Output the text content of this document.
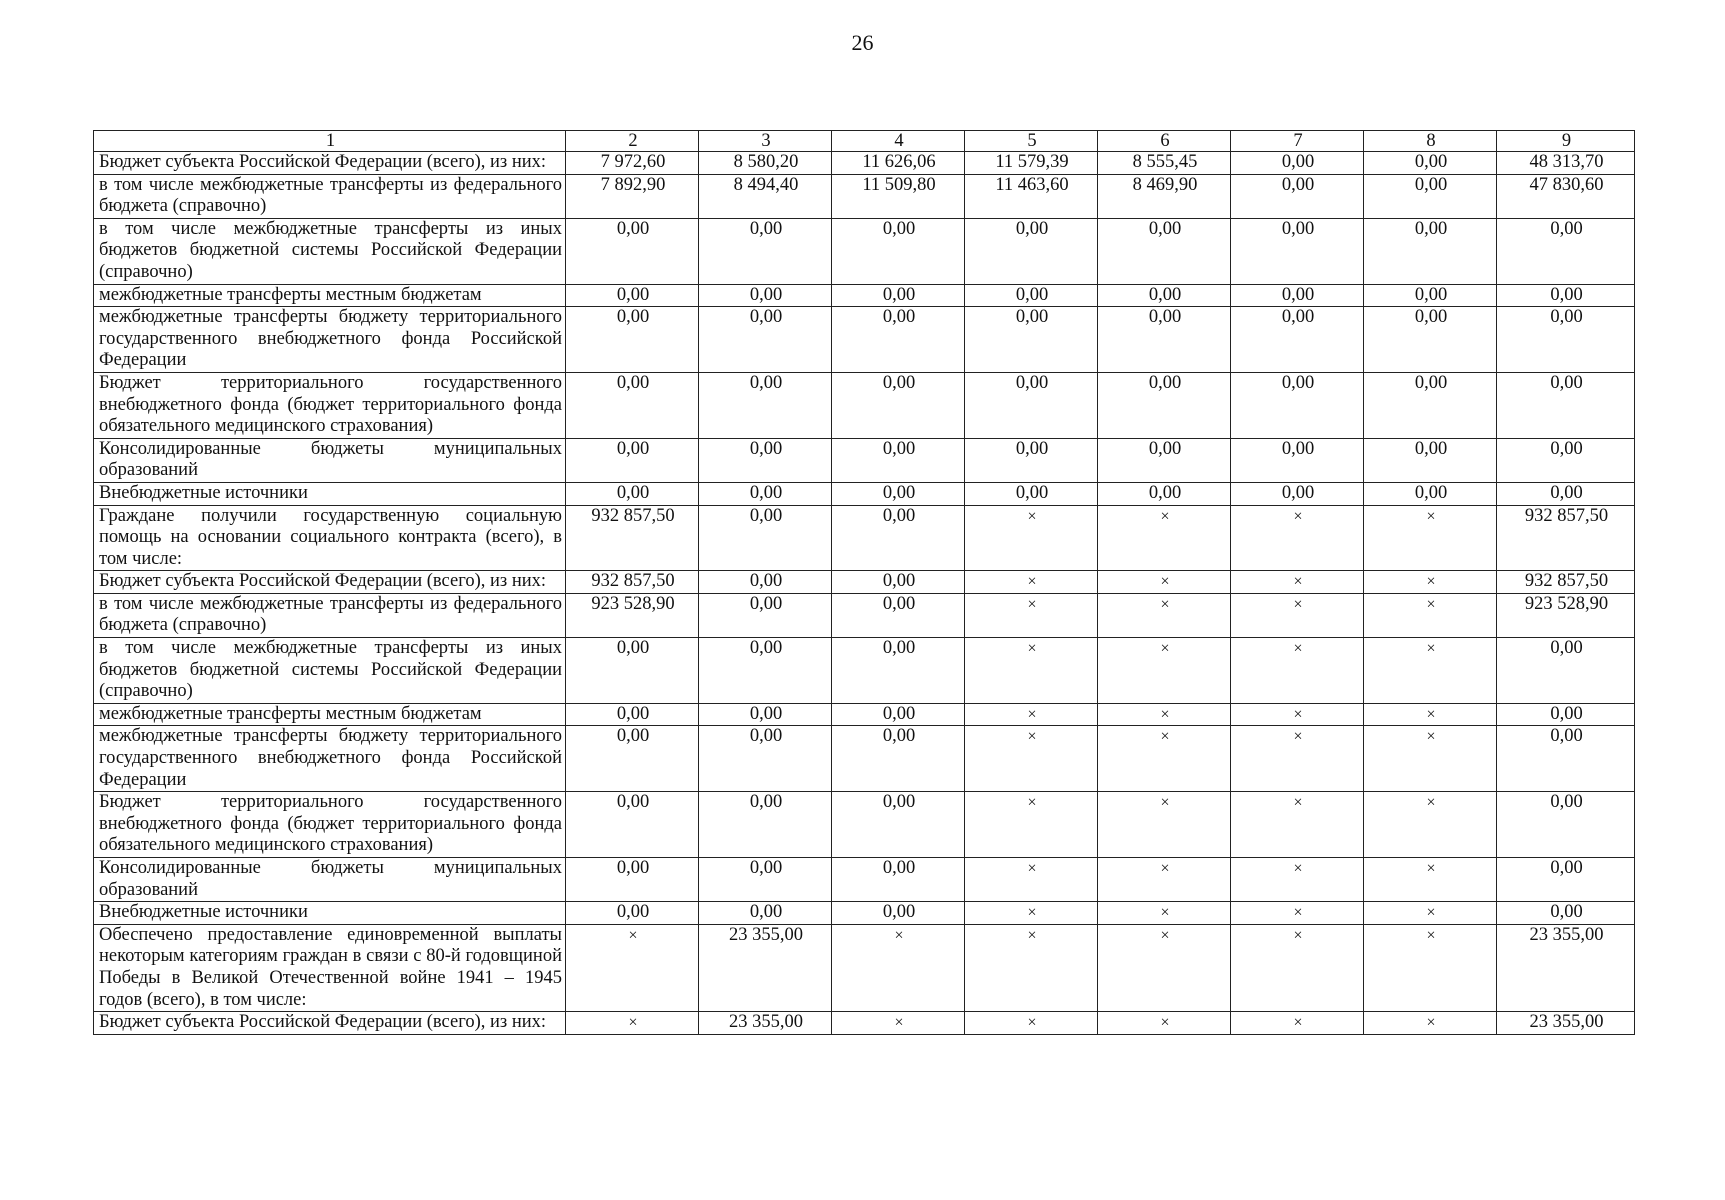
26
1	2	3	4	5	6	7	8	9
Бюджет субъекта Российской Федерации (всего), из них:	7 972,60	8 580,20	11 626,06	11 579,39	8 555,45	0,00	0,00	48 313,70
в том числе межбюджетные трансферты из федерального бюджета (справочно)	7 892,90	8 494,40	11 509,80	11 463,60	8 469,90	0,00	0,00	47 830,60
в том числе межбюджетные трансферты из иных бюджетов бюджетной системы Российской Федерации (справочно)	0,00	0,00	0,00	0,00	0,00	0,00	0,00	0,00
межбюджетные трансферты местным бюджетам	0,00	0,00	0,00	0,00	0,00	0,00	0,00	0,00
межбюджетные трансферты бюджету территориального государственного внебюджетного фонда Российской Федерации	0,00	0,00	0,00	0,00	0,00	0,00	0,00	0,00
Бюджет территориального государственного внебюджетного фонда (бюджет территориального фонда обязательного медицинского страхования)	0,00	0,00	0,00	0,00	0,00	0,00	0,00	0,00
Консолидированные бюджеты муниципальных образований	0,00	0,00	0,00	0,00	0,00	0,00	0,00	0,00
Внебюджетные источники	0,00	0,00	0,00	0,00	0,00	0,00	0,00	0,00
Граждане получили государственную социальную помощь на основании социального контракта (всего), в том числе:	932 857,50	0,00	0,00	×	×	×	×	932 857,50
Бюджет субъекта Российской Федерации (всего), из них:	932 857,50	0,00	0,00	×	×	×	×	932 857,50
в том числе межбюджетные трансферты из федерального бюджета (справочно)	923 528,90	0,00	0,00	×	×	×	×	923 528,90
в том числе межбюджетные трансферты из иных бюджетов бюджетной системы Российской Федерации (справочно)	0,00	0,00	0,00	×	×	×	×	0,00
межбюджетные трансферты местным бюджетам	0,00	0,00	0,00	×	×	×	×	0,00
межбюджетные трансферты бюджету территориального государственного внебюджетного фонда Российской Федерации	0,00	0,00	0,00	×	×	×	×	0,00
Бюджет территориального государственного внебюджетного фонда (бюджет территориального фонда обязательного медицинского страхования)	0,00	0,00	0,00	×	×	×	×	0,00
Консолидированные бюджеты муниципальных образований	0,00	0,00	0,00	×	×	×	×	0,00
Внебюджетные источники	0,00	0,00	0,00	×	×	×	×	0,00
Обеспечено предоставление единовременной выплаты некоторым категориям граждан в связи с 80-й годовщиной Победы в Великой Отечественной войне 1941 – 1945 годов (всего), в том числе:	×	23 355,00	×	×	×	×	×	23 355,00
Бюджет субъекта Российской Федерации (всего), из них:	×	23 355,00	×	×	×	×	×	23 355,00
